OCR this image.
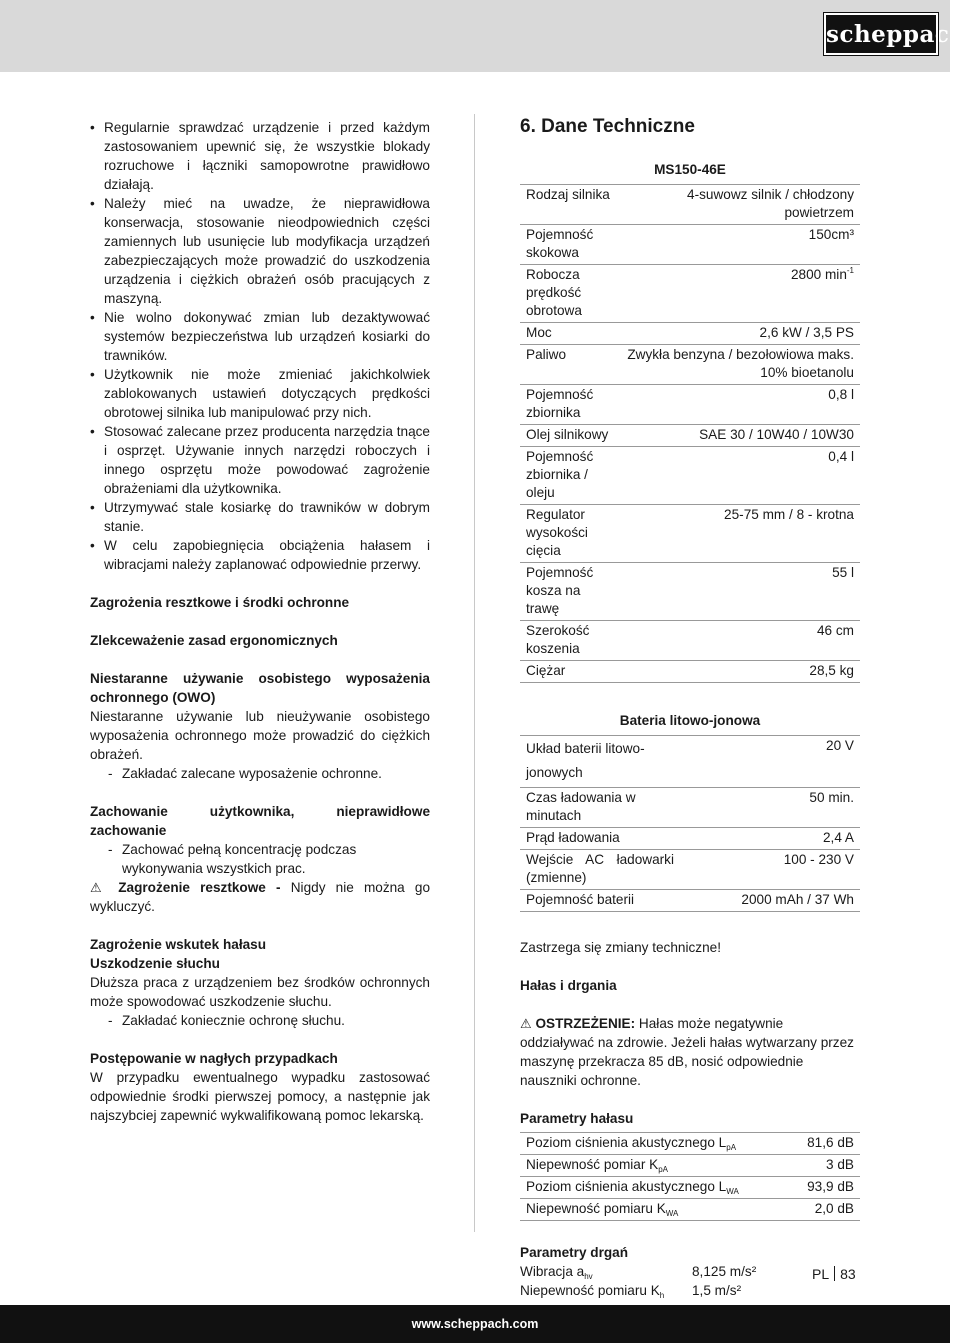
scheppach
• Regularnie sprawdzać urządzenie i przed każdym zastosowaniem upewnić się, że wszystkie blokady rozruchowe i łączniki samopowrotne prawidłowo działają.
• Należy mieć na uwadze, że nieprawidłowa konserwacja, stosowanie nieodpowiednich części zamiennych lub usunięcie lub modyfikacja urządzeń zabezpieczających może prowadzić do uszkodzenia urządzenia i ciężkich obrażeń osób pracujących z maszyną.
• Nie wolno dokonywać zmian lub dezaktywować systemów bezpieczeństwa lub urządzeń kosiarki do trawników.
• Użytkownik nie może zmieniać jakichkolwiek zablokowanych ustawień dotyczących prędkości obrotowej silnika lub manipulować przy nich.
• Stosować zalecane przez producenta narzędzia tnące i osprzęt. Używanie innych narzędzi roboczych i innego osprzętu może powodować zagrożenie obrażeniami dla użytkownika.
• Utrzymywać stale kosiarkę do trawników w dobrym stanie.
• W celu zapobiegnięcia obciążenia hałasem i wibracjami należy zaplanować odpowiednie przerwy.
Zagrożenia resztkowe i środki ochronne
Zlekceważenie zasad ergonomicznych
Niestaranne używanie osobistego wyposażenia ochronnego (OWO)
Niestaranne używanie lub nieużywanie osobistego wyposażenia ochronnego może prowadzić do ciężkich obrażeń.
- Zakładać zalecane wyposażenie ochronne.
Zachowanie użytkownika, nieprawidłowe zachowanie
- Zachować pełną koncentrację podczas wykonywania wszystkich prac.
⚠ Zagrożenie resztkowe - Nigdy nie można go wykluczyć.
Zagrożenie wskutek hałasu
Uszkodzenie słuchu
Dłuższa praca z urządzeniem bez środków ochronnych może spowodować uszkodzenie słuchu.
- Zakładać koniecznie ochronę słuchu.
Postępowanie w nagłych przypadkach
W przypadku ewentualnego wypadku zastosować odpowiednie środki pierwszej pomocy, a następnie jak najszybciej zapewnić wykwalifikowaną pomoc lekarską.
6. Dane Techniczne
MS150-46E
Rodzaj silnika	4-suwowz silnik / chłodzony powietrzem
Pojemność skokowa	150cm³
Robocza prędkość obrotowa	2800 $\min^{-1}$
Moc	2,6 kW / 3,5 PS
Paliwo	Zwykła benzyna / bezołowiowa maks. 10% bioetanolu
Pojemność zbiornika	0,8 l
Olej silnikowy	SAE 30 / 10W40 / 10W30
Pojemność zbiornika / oleju	0,4 l
Regulator wysokości cięcia	25-75 mm / 8 - krotna
Pojemność kosza na trawę	55 l
Szerokość koszenia	46 cm
Ciężar	28,5 kg
Bateria litowo-jonowa
Układ baterii litowo-jonowych	20 V
Czas ładowania w minutach	50 min.
Prąd ładowania	2,4 A
Wejście AC ładowarki (zmienne)	100 - 230 V
Pojemność baterii	2000 mAh / 37 Wh
Zastrzega się zmiany techniczne!
Hałas i drgania
⚠ OSTRZEŻENIE: Hałas może negatywnie oddziaływać na zdrowie. Jeżeli hałas wytwarzany przez maszynę przekracza 85 dB, nosić odpowiednie nauszniki ochronne.
Parametry hałasu
Poziom ciśnienia akustycznego $L_{pA}$	81,6 dB
Niepewność pomiar $K_{pA}$	3 dB
Poziom ciśnienia akustycznego $L_{WA}$	93,9 dB
Niepewność pomiaru $K_{WA}$	2,0 dB
Parametry drgań
Wibracja $a_{hv}$	8,125 m/s²
Niepewność pomiaru $K_h$	1,5 m/s²
PL 83
www.scheppach.com
